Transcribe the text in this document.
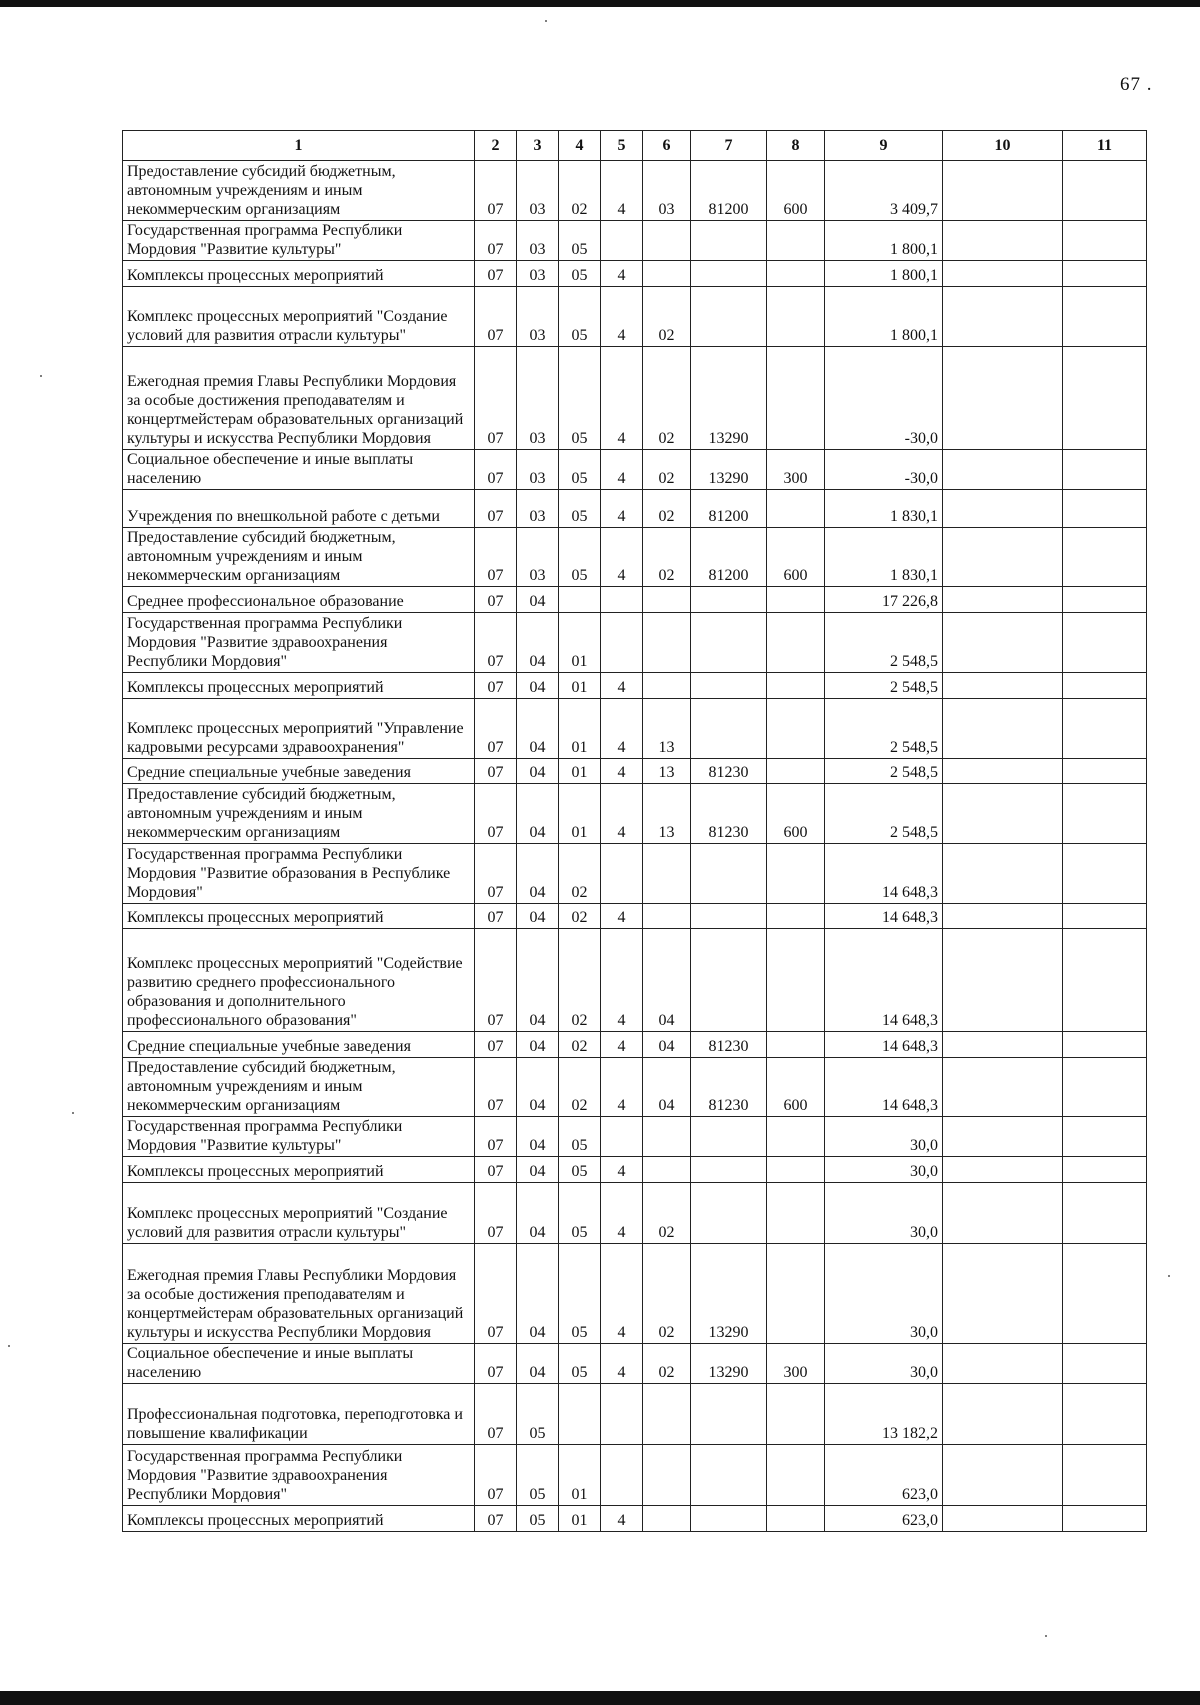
67 .
1	2	3	4	5	6	7	8	9	10	11
Предоставление субсидий бюджетным, автономным учреждениям и иным некоммерческим организациям	07	03	02	4	03	81200	600	3 409,7		
Государственная программа Республики Мордовия "Развитие культуры"	07	03	05					1 800,1		
Комплексы процессных мероприятий	07	03	05	4				1 800,1		
Комплекс процессных мероприятий "Создание условий для развития отрасли культуры"	07	03	05	4	02			1 800,1		
Ежегодная премия Главы Республики Мордовия за особые достижения преподавателям и концертмейстерам образовательных организаций культуры и искусства Республики Мордовия	07	03	05	4	02	13290		-30,0		
Социальное обеспечение и иные выплаты населению	07	03	05	4	02	13290	300	-30,0		
Учреждения по внешкольной работе с детьми	07	03	05	4	02	81200		1 830,1		
Предоставление субсидий бюджетным, автономным учреждениям и иным некоммерческим организациям	07	03	05	4	02	81200	600	1 830,1		
Среднее профессиональное образование	07	04						17 226,8		
Государственная программа Республики Мордовия "Развитие здравоохранения Республики Мордовия"	07	04	01					2 548,5		
Комплексы процессных мероприятий	07	04	01	4				2 548,5		
Комплекс процессных мероприятий "Управление кадровыми ресурсами здравоохранения"	07	04	01	4	13			2 548,5		
Средние специальные учебные заведения	07	04	01	4	13	81230		2 548,5		
Предоставление субсидий бюджетным, автономным учреждениям и иным некоммерческим организациям	07	04	01	4	13	81230	600	2 548,5		
Государственная программа Республики Мордовия "Развитие образования в Республике Мордовия"	07	04	02					14 648,3		
Комплексы процессных мероприятий	07	04	02	4				14 648,3		
Комплекс процессных мероприятий "Содействие развитию среднего профессионального образования и дополнительного профессионального образования"	07	04	02	4	04			14 648,3		
Средние специальные учебные заведения	07	04	02	4	04	81230		14 648,3		
Предоставление субсидий бюджетным, автономным учреждениям и иным некоммерческим организациям	07	04	02	4	04	81230	600	14 648,3		
Государственная программа Республики Мордовия "Развитие культуры"	07	04	05					30,0		
Комплексы процессных мероприятий	07	04	05	4				30,0		
Комплекс процессных мероприятий "Создание условий для развития отрасли культуры"	07	04	05	4	02			30,0		
Ежегодная премия Главы Республики Мордовия за особые достижения преподавателям и концертмейстерам образовательных организаций культуры и искусства Республики Мордовия	07	04	05	4	02	13290		30,0		
Социальное обеспечение и иные выплаты населению	07	04	05	4	02	13290	300	30,0		
Профессиональная подготовка, переподготовка и повышение квалификации	07	05						13 182,2		
Государственная программа Республики Мордовия "Развитие здравоохранения Республики Мордовия"	07	05	01					623,0		
Комплексы процессных мероприятий	07	05	01	4				623,0		
